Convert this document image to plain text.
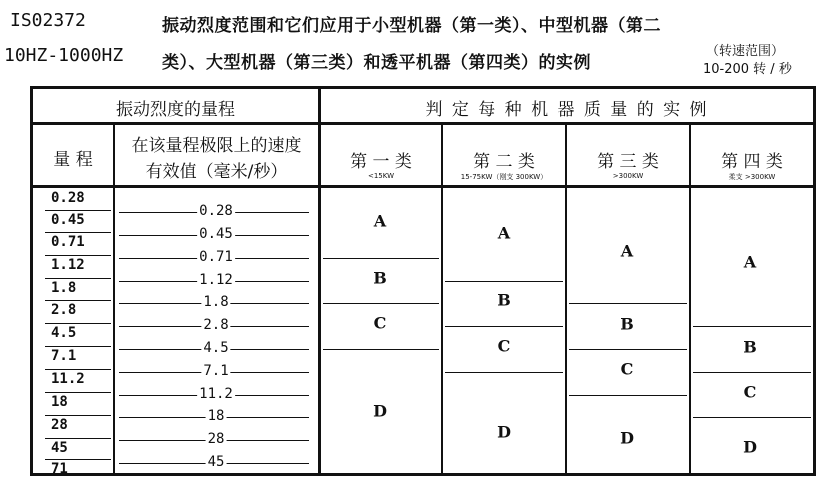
IS02372
10HZ-1000HZ
振动烈度范围和它们应用于小型机器（第一类）、中型机器（第二
类）、大型机器（第三类）和透平机器（第四类）的实例
（转速范围）
10-200 转 / 秒
振动烈度的量程	判 定 每 种 机 器 质 量 的 实 例
量 程
在该量程极限上的速度
有效值（毫米/秒）	第 一 类
<15KW
第 二 类
15-75KW（刚支 300KW）
第 三 类
>300KW
第 四 类
柔支 >300KW
0.28
0.45
0.71
1.12
1.8
2.8
4.5
7.1
11.2
18
28
45
71
0.28
0.45
0.71
1.12
1.8
2.8
4.5
7.1
11.2
18
28
45
A
B
C
D
A
B
C
D
A
B
C
D
A
B
C
D
